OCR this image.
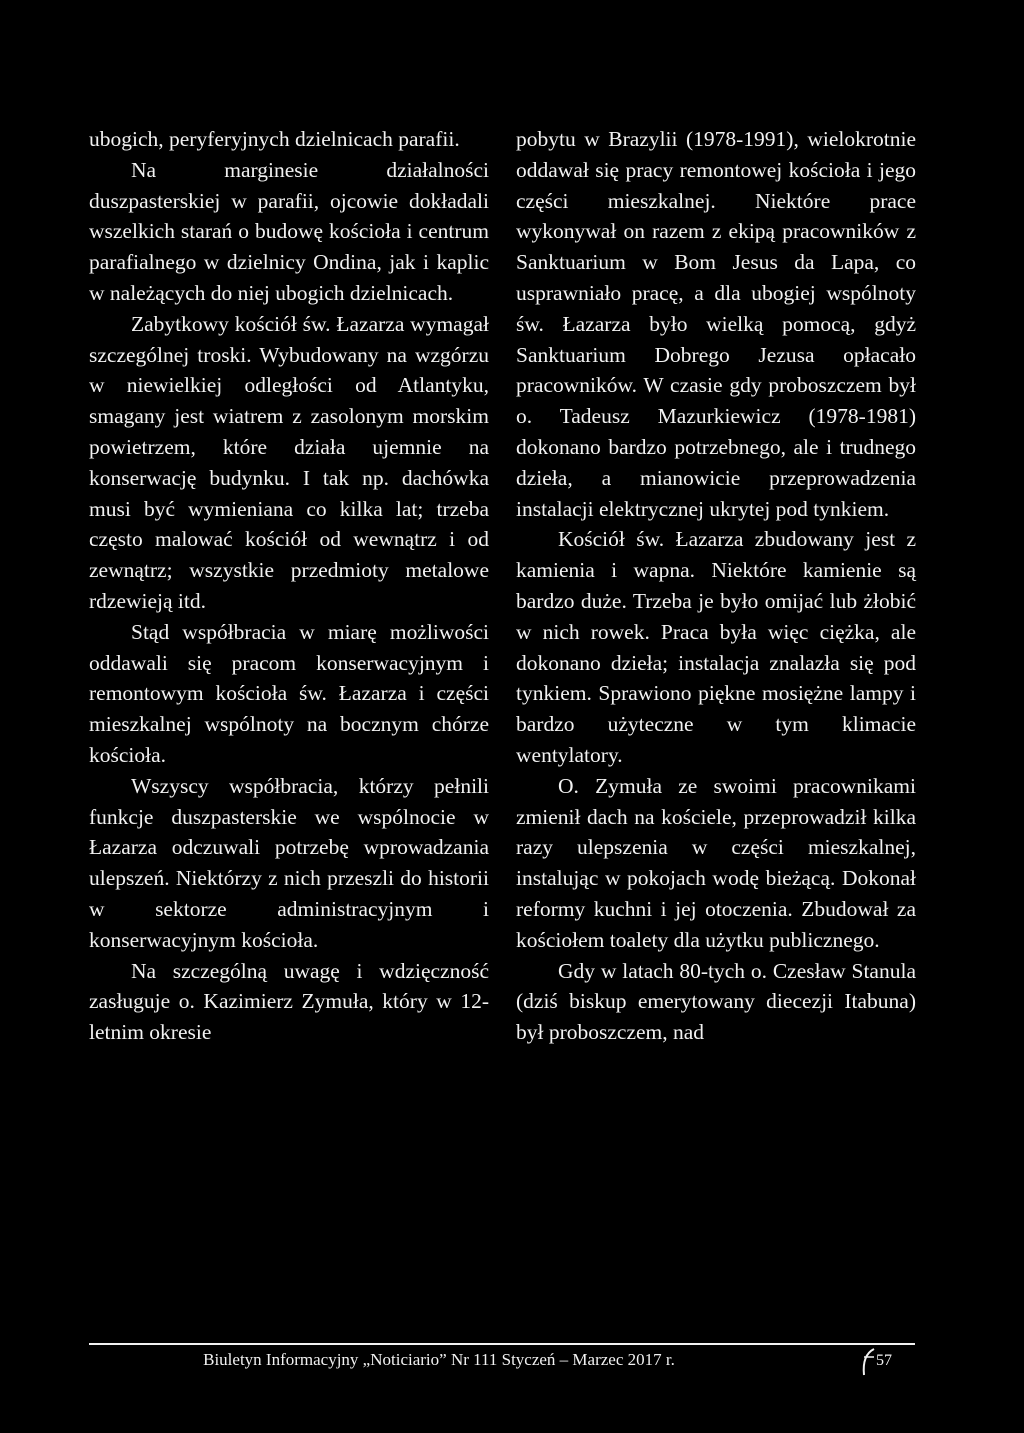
ubogich, peryferyjnych dzielnicach parafii.

Na marginesie działalności duszpasterskiej w parafii, ojcowie dokładali wszelkich starań o budowę kościoła i centrum parafialnego w dzielnicy Ondina, jak i kaplic w należących do niej ubogich dzielnicach.

Zabytkowy kościół św. Łazarza wymagał szczególnej troski. Wybudowany na wzgórzu w niewielkiej odległości od Atlantyku, smagany jest wiatrem z zasolonym morskim powietrzem, które działa ujemnie na konserwację budynku. I tak np. dachówka musi być wymieniana co kilka lat; trzeba często malować kościół od wewnątrz i od zewnątrz; wszystkie przedmioty metalowe rdzewieją itd.

Stąd współbracia w miarę możliwości oddawali się pracom konserwacyjnym i remontowym kościoła św. Łazarza i części mieszkalnej wspólnoty na bocznym chórze kościoła.

Wszyscy współbracia, którzy pełnili funkcje duszpasterskie we wspólnocie w Łazarza odczuwali potrzebę wprowadzania ulepszeń. Niektórzy z nich przeszli do historii w sektorze administracyjnym i konserwacyjnym kościoła.

Na szczególną uwagę i wdzięczność zasługuje o. Kazimierz Zymuła, który w 12-letnim okresie

pobytu w Brazylii (1978-1991), wielokrotnie oddawał się pracy remontowej kościoła i jego części mieszkalnej. Niektóre prace wykonywał on razem z ekipą pracowników z Sanktuarium w Bom Jesus da Lapa, co usprawniało pracę, a dla ubogiej wspólnoty św. Łazarza było wielką pomocą, gdyż Sanktuarium Dobrego Jezusa opłacało pracowników. W czasie gdy proboszczem był o. Tadeusz Mazurkiewicz (1978-1981) dokonano bardzo potrzebnego, ale i trudnego dzieła, a mianowicie przeprowadzenia instalacji elektrycznej ukrytej pod tynkiem.

Kościół św. Łazarza zbudowany jest z kamienia i wapna. Niektóre kamienie są bardzo duże. Trzeba je było omijać lub żłobić w nich rowek. Praca była więc ciężka, ale dokonano dzieła; instalacja znalazła się pod tynkiem. Sprawiono piękne mosiężne lampy i bardzo użyteczne w tym klimacie wentylatory.

O. Zymuła ze swoimi pracownikami zmienił dach na kościele, przeprowadził kilka razy ulepszenia w części mieszkalnej, instalując w pokojach wodę bieżącą. Dokonał reformy kuchni i jej otoczenia. Zbudował za kościołem toalety dla użytku publicznego.

Gdy w latach 80-tych o. Czesław Stanula (dziś biskup emerytowany diecezji Itabuna) był proboszczem, nad

Biuletyn Informacyjny „Noticiario” Nr 111 Styczeń – Marzec 2017 r.	57
